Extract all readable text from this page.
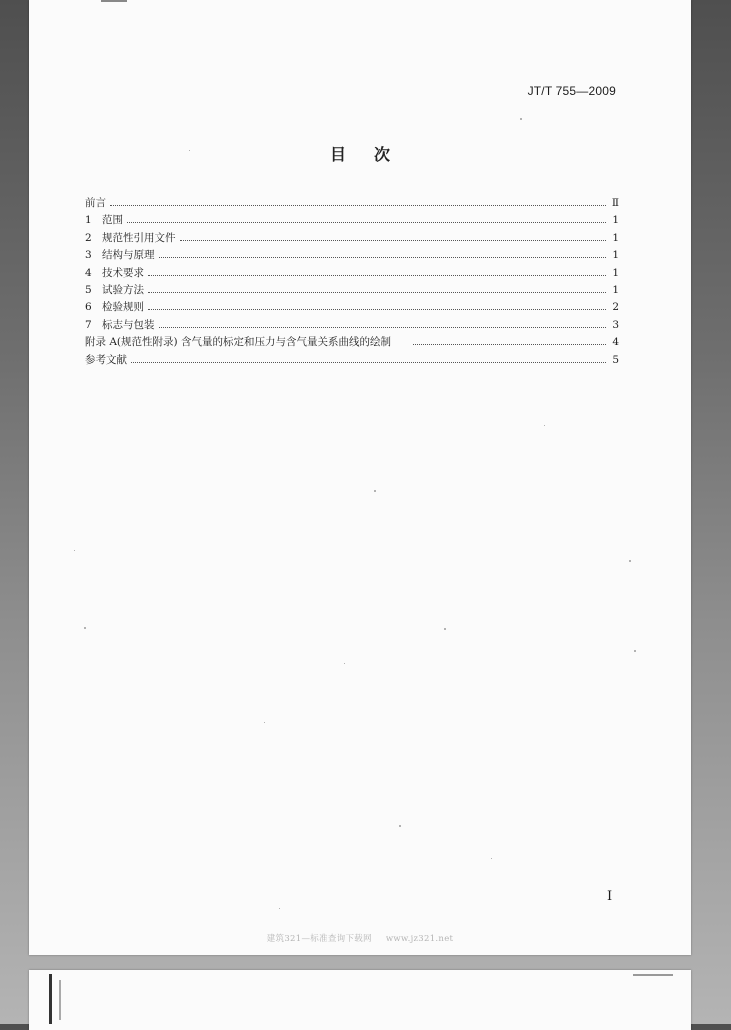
JT/T 755—2009
目 次
前言	Ⅱ
1 范围	1
2 规范性引用文件	1
3 结构与原理	1
4 技术要求	1
5 试验方法	1
6 检验规则	2
7 标志与包装	3
附录 A(规范性附录) 含气量的标定和压力与含气量关系曲线的绘制	4
参考文献	5
I
建筑321—标准查询下载网 www.jz321.net
